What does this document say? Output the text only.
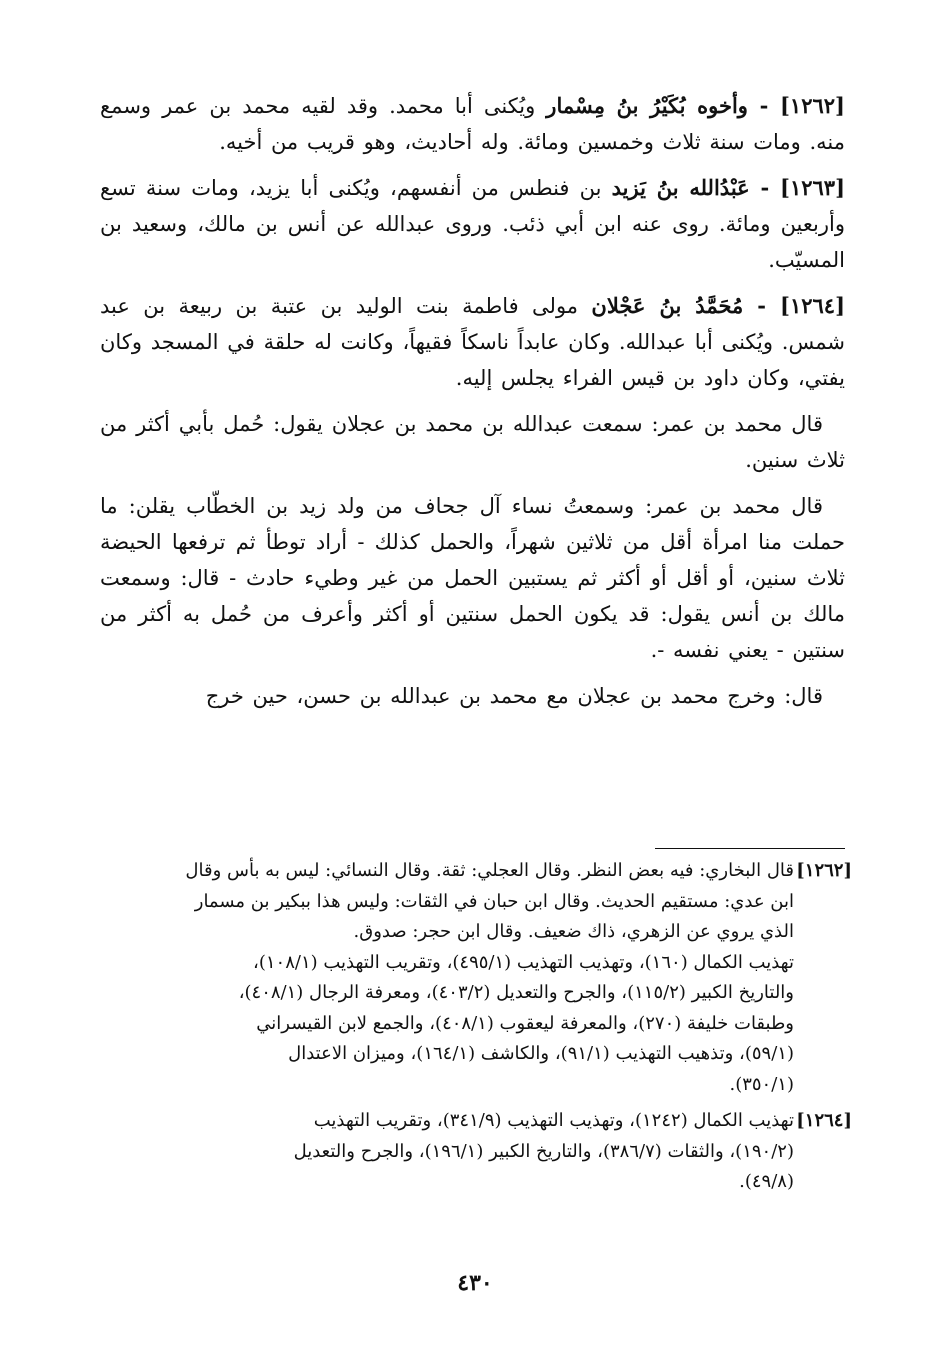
[١٢٦٢] - وأخوه بُكَيْرُ بنُ مِسْمار ويُكنى أبا محمد. وقد لقيه محمد بن عمر وسمع منه. ومات سنة ثلاث وخمسين ومائة. وله أحاديث، وهو قريب من أخيه.

[١٢٦٣] - عَبْدُالله بنُ يَزيد بن فنطس من أنفسهم، ويُكنى أبا يزيد، ومات سنة تسع وأربعين ومائة. روى عنه ابن أبي ذئب. وروى عبدالله عن أنس بن مالك، وسعيد بن المسيّب.

[١٢٦٤] - مُحَمَّدُ بنُ عَجْلان مولى فاطمة بنت الوليد بن عتبة بن ربيعة بن عبد شمس. ويُكنى أبا عبدالله. وكان عابداً ناسكاً فقيهاً، وكانت له حلقة في المسجد وكان يفتي، وكان داود بن قيس الفراء يجلس إليه.

قال محمد بن عمر: سمعت عبدالله بن محمد بن عجلان يقول: حُمل بأبي أكثر من ثلاث سنين.

قال محمد بن عمر: وسمعتُ نساء آل جحاف من ولد زيد بن الخطّاب يقلن: ما حملت منا امرأة أقل من ثلاثين شهراً، والحمل كذلك - أراد توطأ ثم ترفعها الحيضة ثلاث سنين، أو أقل أو أكثر ثم يستبين الحمل من غير وطيء حادث - قال: وسمعت مالك بن أنس يقول: قد يكون الحمل سنتين أو أكثر وأعرف من حُمل به أكثر من سنتين - يعني نفسه -.

قال: وخرج محمد بن عجلان مع محمد بن عبدالله بن حسن، حين خرج

[١٢٦٢]
قال البخاري: فيه بعض النظر. وقال العجلي: ثقة. وقال النسائي: ليس به بأس وقال
ابن عدي: مستقيم الحديث. وقال ابن حبان في الثقات: وليس هذا ببكير بن مسمار
الذي يروي عن الزهري، ذاك ضعيف. وقال ابن حجر: صدوق.
تهذيب الكمال (١٦٠)، وتهذيب التهذيب (٤٩٥/١)، وتقريب التهذيب (١٠٨/١)،
والتاريخ الكبير (١١٥/٢)، والجرح والتعديل (٤٠٣/٢)، ومعرفة الرجال (٤٠٨/١)،
وطبقات خليفة (٢٧٠)، والمعرفة ليعقوب (٤٠٨/١)، والجمع لابن القيسراني
(٥٩/١)، وتذهيب التهذيب (٩١/١)، والكاشف (١٦٤/١)، وميزان الاعتدال
(٣٥٠/١).
[١٢٦٤]
تهذيب الكمال (١٢٤٢)، وتهذيب التهذيب (٣٤١/٩)، وتقريب التهذيب
(١٩٠/٢)، والثقات (٣٨٦/٧)، والتاريخ الكبير (١٩٦/١)، والجرح والتعديل
(٤٩/٨).
٤٣٠
